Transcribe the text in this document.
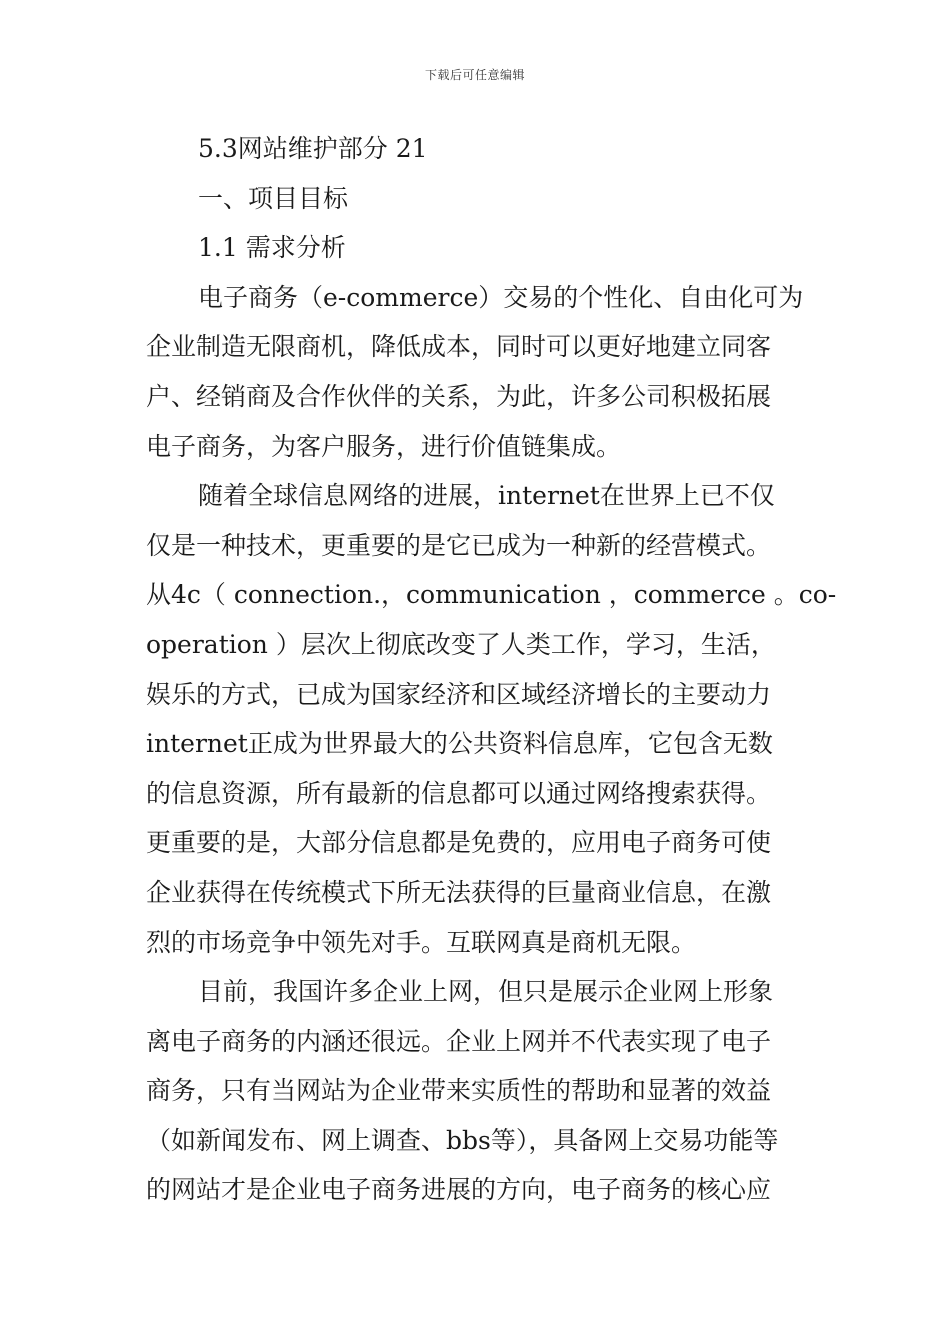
下载后可任意编辑
5.3网站维护部分 21
一、项目目标
1.1 需求分析
电子商务（e-commerce）交易的个性化、自由化可为
企业制造无限商机，降低成本，同时可以更好地建立同客
户、经销商及合作伙伴的关系，为此，许多公司积极拓展
电子商务，为客户服务，进行价值链集成。
随着全球信息网络的进展，internet在世界上已不仅
仅是一种技术，更重要的是它已成为一种新的经营模式。
从4c（ connection.，communication ，commerce 。co-
operation ）层次上彻底改变了人类工作，学习，生活，
娱乐的方式，已成为国家经济和区域经济增长的主要动力
internet正成为世界最大的公共资料信息库，它包含无数
的信息资源，所有最新的信息都可以通过网络搜索获得。
更重要的是，大部分信息都是免费的，应用电子商务可使
企业获得在传统模式下所无法获得的巨量商业信息，在激
烈的市场竞争中领先对手。互联网真是商机无限。
目前，我国许多企业上网，但只是展示企业网上形象
离电子商务的内涵还很远。企业上网并不代表实现了电子
商务，只有当网站为企业带来实质性的帮助和显著的效益
（如新闻发布、网上调查、bbs等），具备网上交易功能等
的网站才是企业电子商务进展的方向，电子商务的核心应
